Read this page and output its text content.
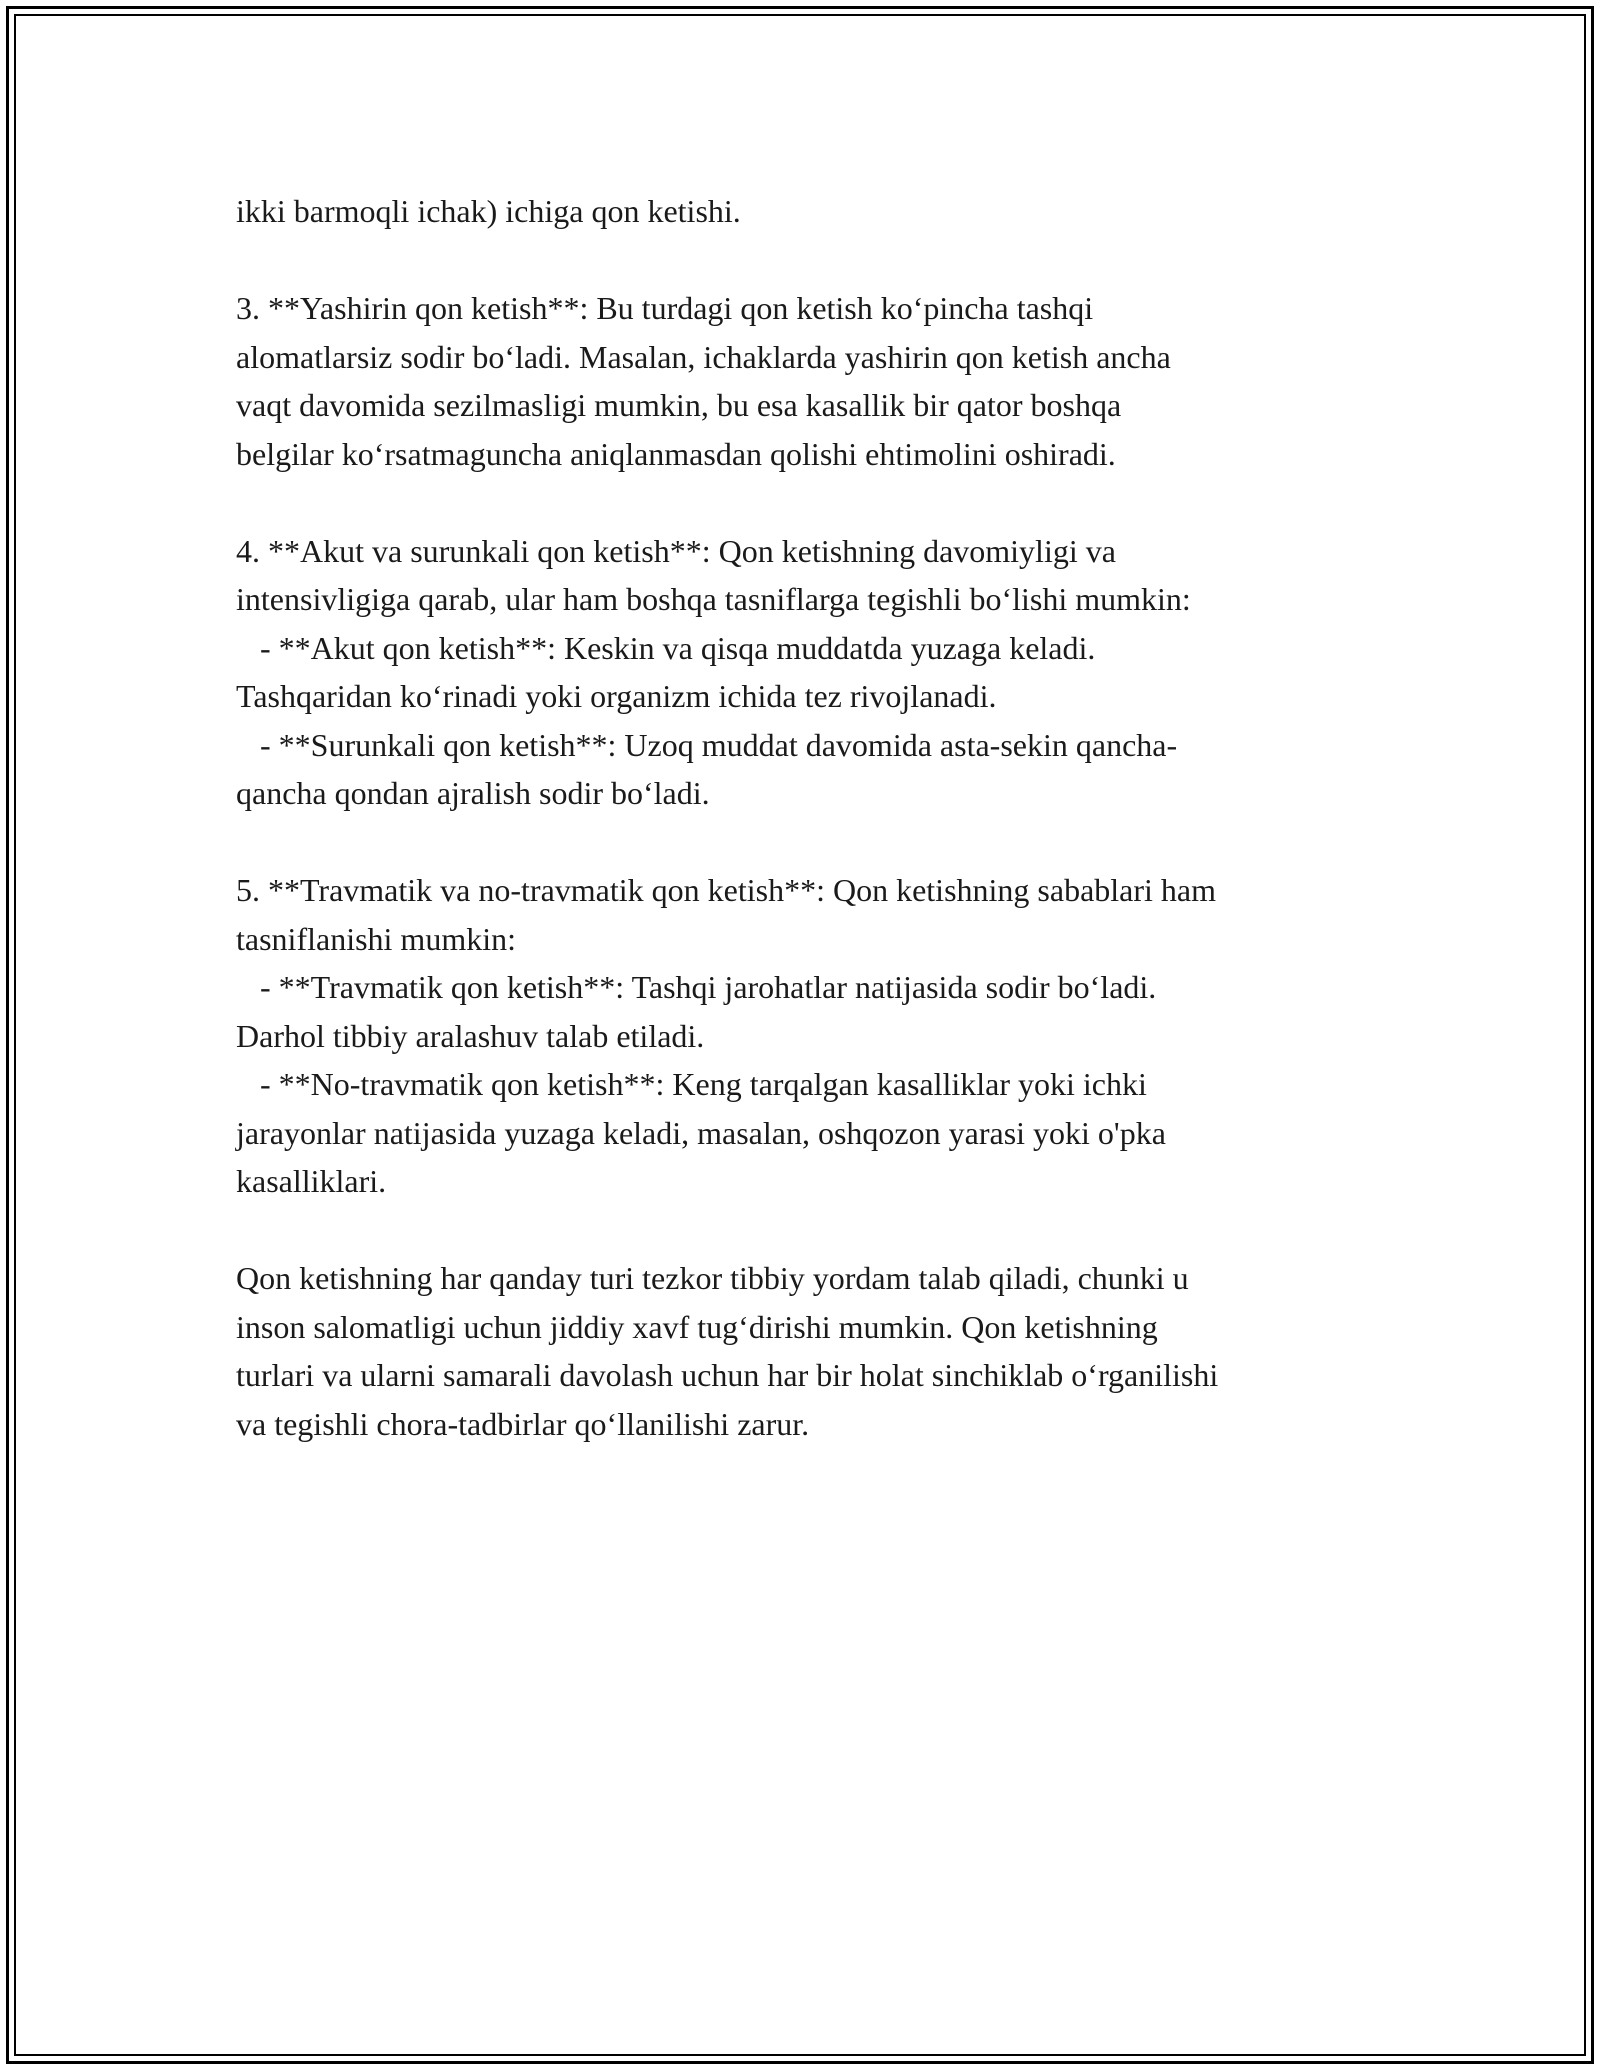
ikki barmoqli ichak) ichiga qon ketishi.
3. **Yashirin qon ketish**: Bu turdagi qon ketish ko‘pincha tashqi
alomatlarsiz sodir bo‘ladi. Masalan, ichaklarda yashirin qon ketish ancha
vaqt davomida sezilmasligi mumkin, bu esa kasallik bir qator boshqa
belgilar ko‘rsatmaguncha aniqlanmasdan qolishi ehtimolini oshiradi.
4. **Akut va surunkali qon ketish**: Qon ketishning davomiyligi va
intensivligiga qarab, ular ham boshqa tasniflarga tegishli bo‘lishi mumkin:
- **Akut qon ketish**: Keskin va qisqa muddatda yuzaga keladi.
Tashqaridan ko‘rinadi yoki organizm ichida tez rivojlanadi.
- **Surunkali qon ketish**: Uzoq muddat davomida asta-sekin qancha-
qancha qondan ajralish sodir bo‘ladi.
5. **Travmatik va no-travmatik qon ketish**: Qon ketishning sabablari ham
tasniflanishi mumkin:
- **Travmatik qon ketish**: Tashqi jarohatlar natijasida sodir bo‘ladi.
Darhol tibbiy aralashuv talab etiladi.
- **No-travmatik qon ketish**: Keng tarqalgan kasalliklar yoki ichki
jarayonlar natijasida yuzaga keladi, masalan, oshqozon yarasi yoki o'pka
kasalliklari.
Qon ketishning har qanday turi tezkor tibbiy yordam talab qiladi, chunki u
inson salomatligi uchun jiddiy xavf tug‘dirishi mumkin. Qon ketishning
turlari va ularni samarali davolash uchun har bir holat sinchiklab o‘rganilishi
va tegishli chora-tadbirlar qo‘llanilishi zarur.
